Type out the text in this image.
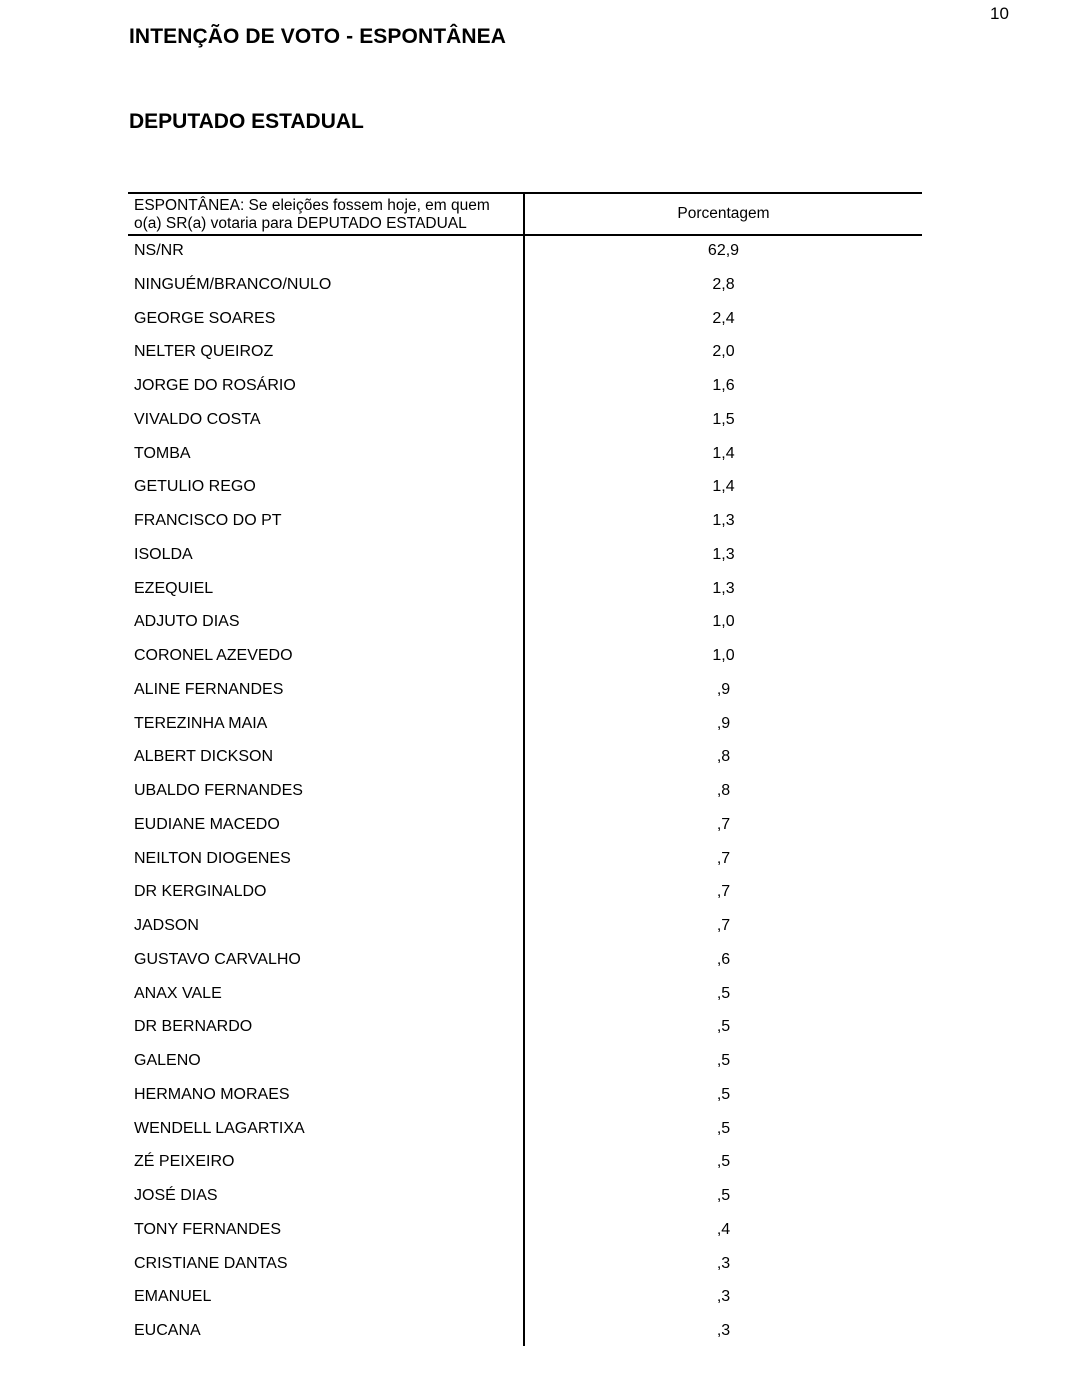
10
INTENÇÃO DE VOTO - ESPONTÂNEA
DEPUTADO ESTADUAL
ESPONTÂNEA: Se eleições fossem hoje, em quem
o(a) SR(a) votaria para DEPUTADO ESTADUAL
Porcentagem
NS/NR	62,9
NINGUÉM/BRANCO/NULO	2,8
GEORGE SOARES	2,4
NELTER QUEIROZ	2,0
JORGE DO ROSÁRIO	1,6
VIVALDO COSTA	1,5
TOMBA	1,4
GETULIO REGO	1,4
FRANCISCO DO PT	1,3
ISOLDA	1,3
EZEQUIEL	1,3
ADJUTO DIAS	1,0
CORONEL AZEVEDO	1,0
ALINE FERNANDES	,9
TEREZINHA MAIA	,9
ALBERT DICKSON	,8
UBALDO FERNANDES	,8
EUDIANE MACEDO	,7
NEILTON DIOGENES	,7
DR KERGINALDO	,7
JADSON	,7
GUSTAVO CARVALHO	,6
ANAX VALE	,5
DR BERNARDO	,5
GALENO	,5
HERMANO MORAES	,5
WENDELL LAGARTIXA	,5
ZÉ PEIXEIRO	,5
JOSÉ DIAS	,5
TONY FERNANDES	,4
CRISTIANE DANTAS	,3
EMANUEL	,3
EUCANA	,3
